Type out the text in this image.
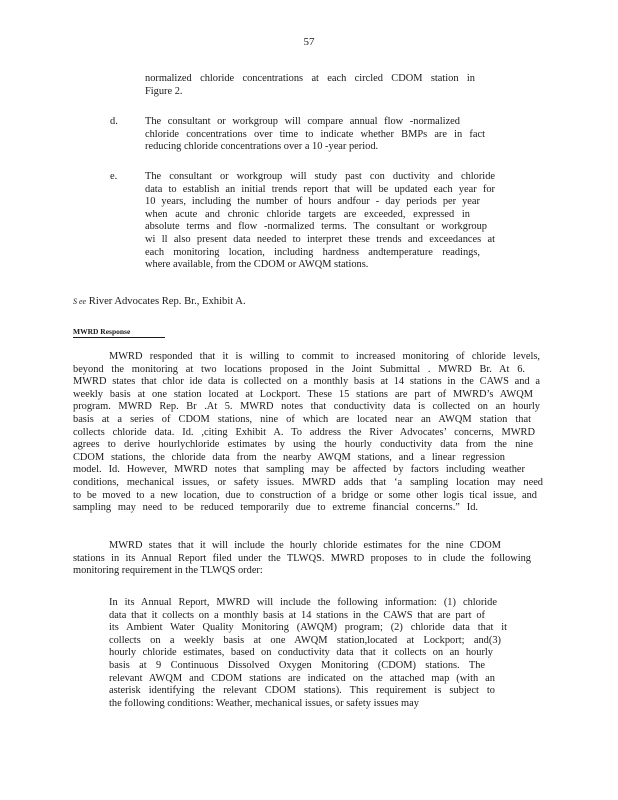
57
normalized chloride concentrations at each circled CDOM station in
Figure 2.
d.	The consultant or workgroup will compare annual flow -normalized
chloride concentrations over time to indicate whether BMPs are in fact
reducing chloride concentrations over a 10 -year period.
e.	The consultant or workgroup will study past con ductivity and chloride
data to establish an initial trends report that will be updated each year for
10 years, including the number of hours andfour - day periods per year
when acute and chronic chloride targets are exceeded, expressed in
absolute terms and flow -normalized terms. The consultant or workgroup
wi ll also present data needed to interpret these trends and exceedances at
each monitoring location, including hardness andtemperature readings,
where available, from the CDOM or AWQM stations.
S ee River Advocates Rep. Br., Exhibit A.
MWRD Response
MWRD responded that it is willing to commit to increased monitoring of chloride levels,
beyond the monitoring at two locations proposed in the Joint Submittal . MWRD Br. At 6.
MWRD states that chlor ide data is collected on a monthly basis at 14 stations in the CAWS and a
weekly basis at one station located at Lockport. These 15 stations are part of MWRD’s AWQM
program. MWRD Rep. Br .At 5. MWRD notes that conductivity data is collected on an hourly
basis at a series of CDOM stations, nine of which are located near an AWQM station that
collects chloride data. Id. ,citing Exhibit A. To address the River Advocates’ concerns, MWRD
agrees to derive hourlychloride estimates by using the hourly conductivity data from the nine
CDOM stations, the chloride data from the nearby AWQM stations, and a linear regression
model. Id. However, MWRD notes that sampling may be affected by factors including weather
conditions, mechanical issues, or safety issues. MWRD adds that ‘a sampling location may need
to be moved to a new location, due to construction of a bridge or some other logis tical issue, and
sampling may need to be reduced temporarily due to extreme financial concerns.” Id.
MWRD states that it will include the hourly chloride estimates for the nine CDOM
stations in its Annual Report filed under the TLWQS. MWRD proposes to in clude the following
monitoring requirement in the TLWQS order:
In its Annual Report, MWRD will include the following information: (1) chloride
data that it collects on a monthly basis at 14 stations in the CAWS that are part of
its Ambient Water Quality Monitoring (AWQM) program; (2) chloride data that it
collects on a weekly basis at one AWQM station,located at Lockport; and(3)
hourly chloride estimates, based on conductivity data that it collects on an hourly
basis at 9 Continuous Dissolved Oxygen Monitoring (CDOM) stations. The
relevant AWQM and CDOM stations are indicated on the attached map (with an
asterisk identifying the relevant CDOM stations). This requirement is subject to
the following conditions: Weather, mechanical issues, or safety issues may
